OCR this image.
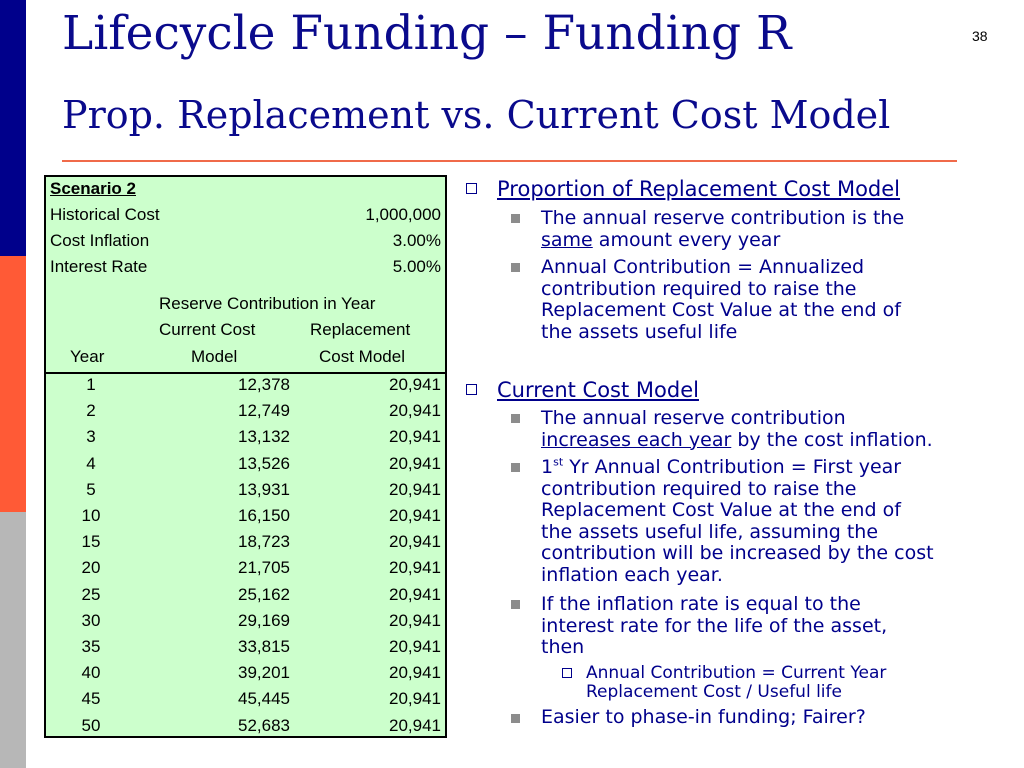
Lifecycle Funding – Funding R
Prop. Replacement vs. Current Cost Model
38
Scenario 2
Historical Cost	1,000,000
Cost Inflation	3.00%
Interest Rate	5.00%
Reserve Contribution in Year
Current Cost	Replacement
Year	Model	Cost Model
1	12,378	20,941
2	12,749	20,941
3	13,132	20,941
4	13,526	20,941
5	13,931	20,941
10	16,150	20,941
15	18,723	20,941
20	21,705	20,941
25	25,162	20,941
30	29,169	20,941
35	33,815	20,941
40	39,201	20,941
45	45,445	20,941
50	52,683	20,941
Proportion of Replacement Cost Model
The annual reserve contribution is the
same amount every year
Annual Contribution = Annualized
contribution required to raise the
Replacement Cost Value at the end of
the assets useful life
Current Cost Model
The annual reserve contribution
increases each year by the cost inflation.
1st Yr Annual Contribution = First year
contribution required to raise the
Replacement Cost Value at the end of
the assets useful life, assuming the
contribution will be increased by the cost
inflation each year.
If the inflation rate is equal to the
interest rate for the life of the asset,
then
Annual Contribution = Current Year
Replacement Cost / Useful life
Easier to phase-in funding; Fairer?
